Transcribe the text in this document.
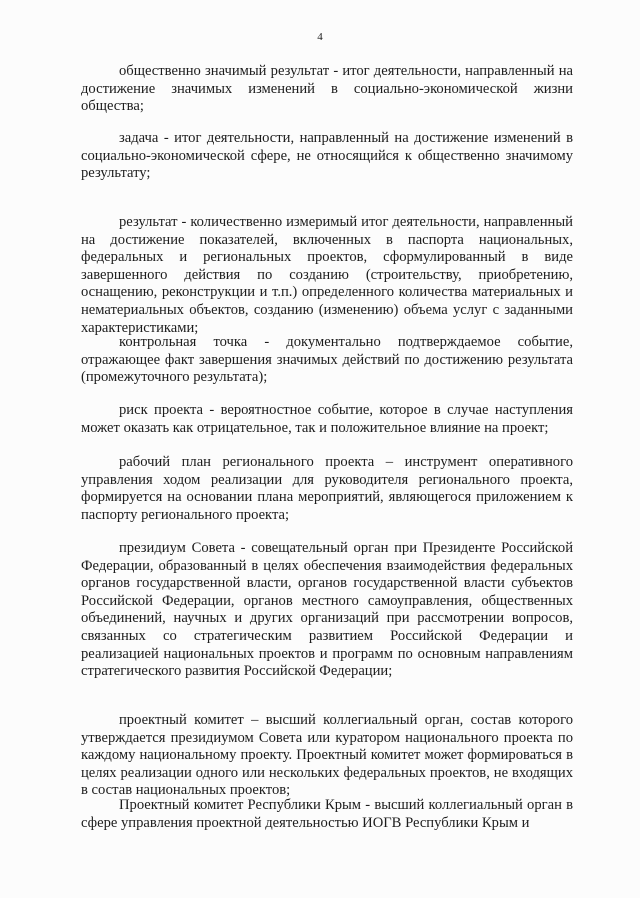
4

общественно значимый результат - итог деятельности, направленный на достижение значимых изменений в социально-экономической жизни общества;

задача - итог деятельности, направленный на достижение изменений в социально-экономической сфере, не относящийся к общественно значимому результату;

результат - количественно измеримый итог деятельности, направленный на достижение показателей, включенных в паспорта национальных, федеральных и региональных проектов, сформулированный в виде завершенного действия по созданию (строительству, приобретению, оснащению, реконструкции и т.п.) определенного количества материальных и нематериальных объектов, созданию (изменению) объема услуг с заданными характеристиками;

контрольная точка - документально подтверждаемое событие, отражающее факт завершения значимых действий по достижению результата (промежуточного результата);

риск проекта - вероятностное событие, которое в случае наступления может оказать как отрицательное, так и положительное влияние на проект;

рабочий план регионального проекта – инструмент оперативного управления ходом реализации для руководителя регионального проекта, формируется на основании плана мероприятий, являющегося приложением к паспорту регионального проекта;

президиум Совета - совещательный орган при Президенте Российской Федерации, образованный в целях обеспечения взаимодействия федеральных органов государственной власти, органов государственной власти субъектов Российской Федерации, органов местного самоуправления, общественных объединений, научных и других организаций при рассмотрении вопросов, связанных со стратегическим развитием Российской Федерации и реализацией национальных проектов и программ по основным направлениям стратегического развития Российской Федерации;

проектный комитет – высший коллегиальный орган, состав которого утверждается президиумом Совета или куратором национального проекта по каждому национальному проекту. Проектный комитет может формироваться в целях реализации одного или нескольких федеральных проектов, не входящих в состав национальных проектов;

Проектный комитет Республики Крым - высший коллегиальный орган в сфере управления проектной деятельностью ИОГВ Республики Крым и
